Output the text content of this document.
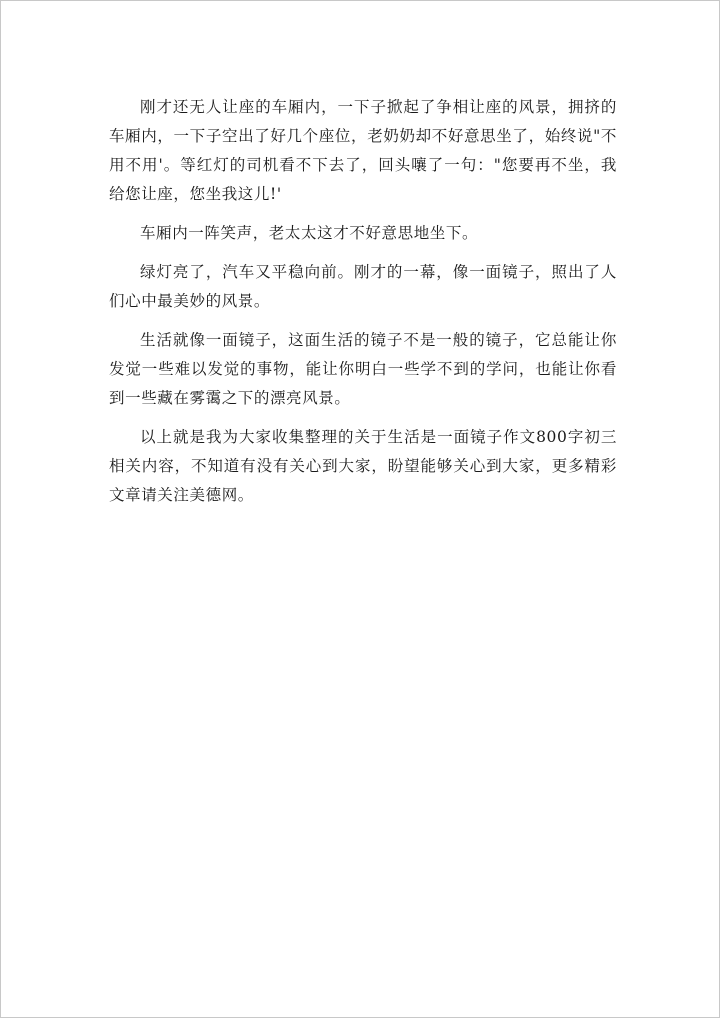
刚才还无人让座的车厢内，一下子掀起了争相让座的风景，拥挤的车厢内，一下子空出了好几个座位，老奶奶却不好意思坐了，始终说"不用不用'。等红灯的司机看不下去了，回头嚷了一句："您要再不坐，我给您让座，您坐我这儿!'

车厢内一阵笑声，老太太这才不好意思地坐下。

绿灯亮了，汽车又平稳向前。刚才的一幕，像一面镜子，照出了人们心中最美妙的风景。

生活就像一面镜子，这面生活的镜子不是一般的镜子，它总能让你发觉一些难以发觉的事物，能让你明白一些学不到的学问，也能让你看到一些藏在雾霭之下的漂亮风景。

以上就是我为大家收集整理的关于生活是一面镜子作文800字初三相关内容，不知道有没有关心到大家，盼望能够关心到大家，更多精彩文章请关注美德网。
